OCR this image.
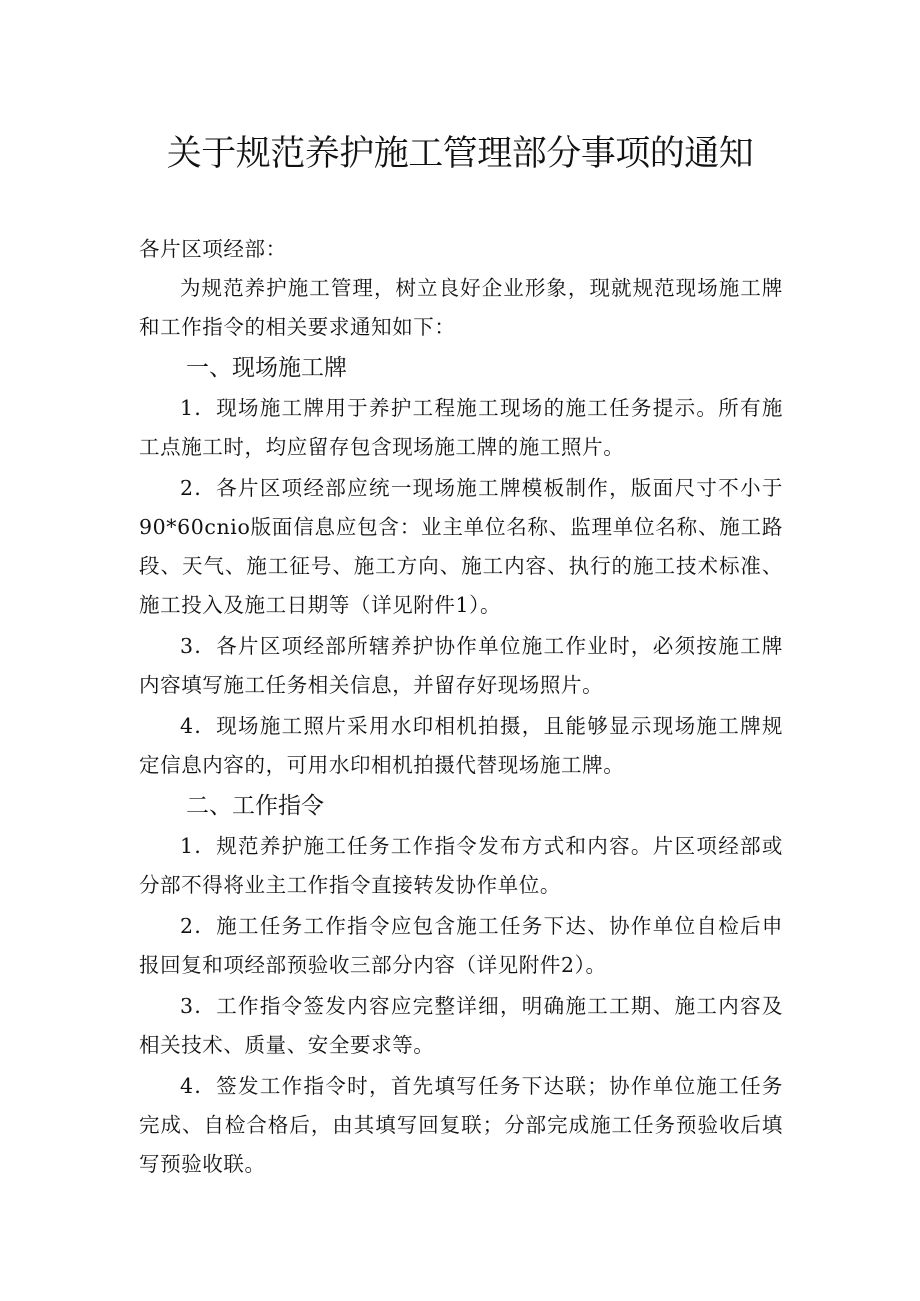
关于规范养护施工管理部分事项的通知

各片区项经部：

为规范养护施工管理，树立良好企业形象，现就规范现场施工牌和工作指令的相关要求通知如下：

一、现场施工牌

1．现场施工牌用于养护工程施工现场的施工任务提示。所有施工点施工时，均应留存包含现场施工牌的施工照片。

2．各片区项经部应统一现场施工牌模板制作，版面尺寸不小于90*60cnio版面信息应包含：业主单位名称、监理单位名称、施工路段、天气、施工征号、施工方向、施工内容、执行的施工技术标准、施工投入及施工日期等（详见附件1）。

3．各片区项经部所辖养护协作单位施工作业时，必须按施工牌内容填写施工任务相关信息，并留存好现场照片。

4．现场施工照片采用水印相机拍摄，且能够显示现场施工牌规定信息内容的，可用水印相机拍摄代替现场施工牌。

二、工作指令

1．规范养护施工任务工作指令发布方式和内容。片区项经部或分部不得将业主工作指令直接转发协作单位。

2．施工任务工作指令应包含施工任务下达、协作单位自检后申报回复和项经部预验收三部分内容（详见附件2）。

3．工作指令签发内容应完整详细，明确施工工期、施工内容及相关技术、质量、安全要求等。

4．签发工作指令时，首先填写任务下达联；协作单位施工任务完成、自检合格后，由其填写回复联；分部完成施工任务预验收后填写预验收联。
